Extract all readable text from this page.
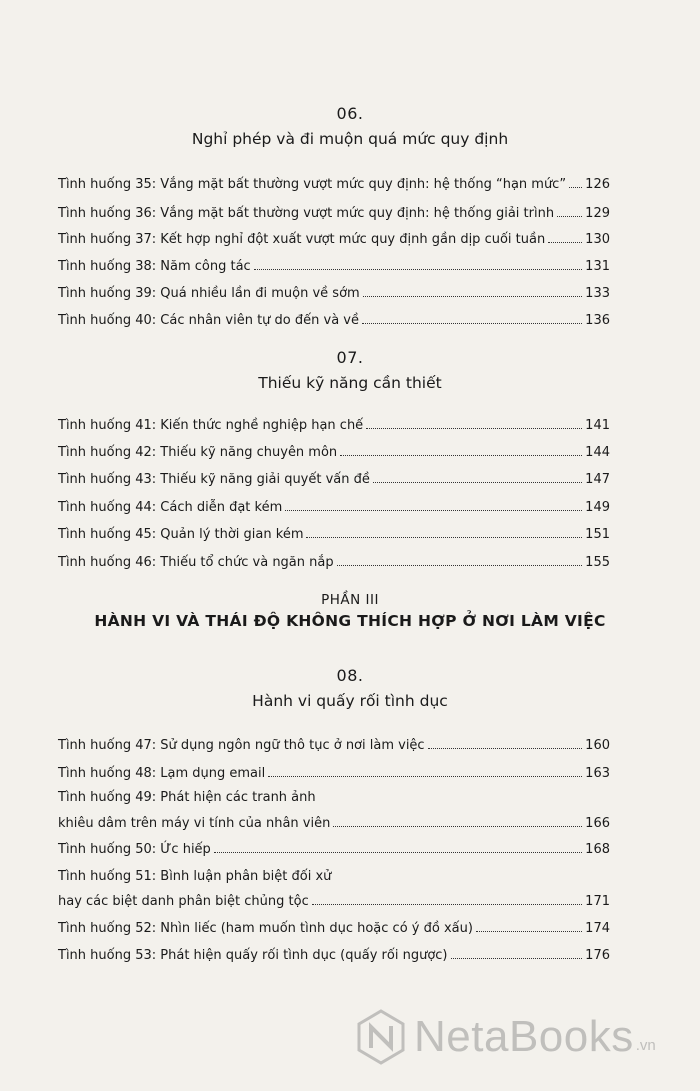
06.
Nghỉ phép và đi muộn quá mức quy định
Tình huống 35: Vắng mặt bất thường vượt mức quy định: hệ thống “hạn mức” 126
Tình huống 36: Vắng mặt bất thường vượt mức quy định: hệ thống giải trình 129
Tình huống 37: Kết hợp nghỉ đột xuất vượt mức quy định gần dịp cuối tuần	130
Tình huống 38: Năm công tác	131
Tình huống 39: Quá nhiều lần đi muộn về sớm	133
Tình huống 40: Các nhân viên tự do đến và về	136
07.
Thiếu kỹ năng cần thiết
Tình huống 41: Kiến thức nghề nghiệp hạn chế	141
Tình huống 42: Thiếu kỹ năng chuyên môn	144
Tình huống 43: Thiếu kỹ năng giải quyết vấn đề	147
Tình huống 44: Cách diễn đạt kém	149
Tình huống 45: Quản lý thời gian kém	151
Tình huống 46: Thiếu tổ chức và ngăn nắp	155
PHẦN III
HÀNH VI VÀ THÁI ĐỘ KHÔNG THÍCH HỢP Ở NƠI LÀM VIỆC
08.
Hành vi quấy rối tình dục
Tình huống 47: Sử dụng ngôn ngữ thô tục ở nơi làm việc	160
Tình huống 48: Lạm dụng email	163
Tình huống 49: Phát hiện các tranh ảnh
khiêu dâm trên máy vi tính của nhân viên	166
Tình huống 50: Ức hiếp	168
Tình huống 51: Bình luận phân biệt đối xử
hay các biệt danh phân biệt chủng tộc	171
Tình huống 52: Nhìn liếc (ham muốn tình dục hoặc có ý đồ xấu)	174
Tình huống 53: Phát hiện quấy rối tình dục (quấy rối ngược)	176
NetaBooks .vn
